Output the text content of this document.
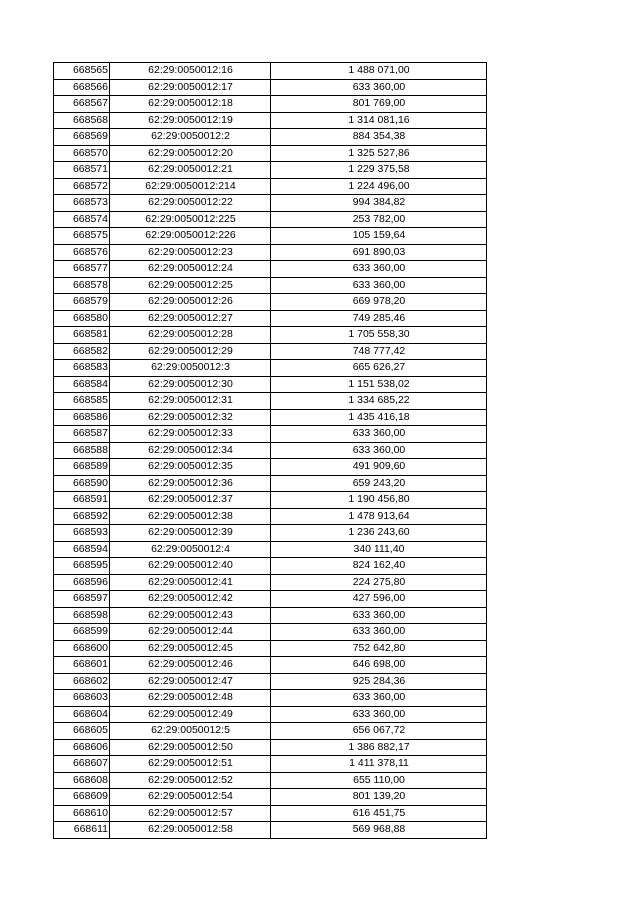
668565	62:29:0050012:16	1 488 071,00
668566	62:29:0050012:17	633 360,00
668567	62:29:0050012:18	801 769,00
668568	62:29:0050012:19	1 314 081,16
668569	62:29:0050012:2	884 354,38
668570	62:29:0050012:20	1 325 527,86
668571	62:29:0050012:21	1 229 375,58
668572	62:29:0050012:214	1 224 496,00
668573	62:29:0050012:22	994 384,82
668574	62:29:0050012:225	253 782,00
668575	62:29:0050012:226	105 159,64
668576	62:29:0050012:23	691 890,03
668577	62:29:0050012:24	633 360,00
668578	62:29:0050012:25	633 360,00
668579	62:29:0050012:26	669 978,20
668580	62:29:0050012:27	749 285,46
668581	62:29:0050012:28	1 705 558,30
668582	62:29:0050012:29	748 777,42
668583	62:29:0050012:3	665 626,27
668584	62:29:0050012:30	1 151 538,02
668585	62:29:0050012:31	1 334 685,22
668586	62:29:0050012:32	1 435 416,18
668587	62:29:0050012:33	633 360,00
668588	62:29:0050012:34	633 360,00
668589	62:29:0050012:35	491 909,60
668590	62:29:0050012:36	659 243,20
668591	62:29:0050012:37	1 190 456,80
668592	62:29:0050012:38	1 478 913,64
668593	62:29:0050012:39	1 236 243,60
668594	62:29:0050012:4	340 111,40
668595	62:29:0050012:40	824 162,40
668596	62:29:0050012:41	224 275,80
668597	62:29:0050012:42	427 596,00
668598	62:29:0050012:43	633 360,00
668599	62:29:0050012:44	633 360,00
668600	62:29:0050012:45	752 642,80
668601	62:29:0050012:46	646 698,00
668602	62:29:0050012:47	925 284,36
668603	62:29:0050012:48	633 360,00
668604	62:29:0050012:49	633 360,00
668605	62:29:0050012:5	656 067,72
668606	62:29:0050012:50	1 386 882,17
668607	62:29:0050012:51	1 411 378,11
668608	62:29:0050012:52	655 110,00
668609	62:29:0050012:54	801 139,20
668610	62:29:0050012:57	616 451,75
668611	62:29:0050012:58	569 968,88
